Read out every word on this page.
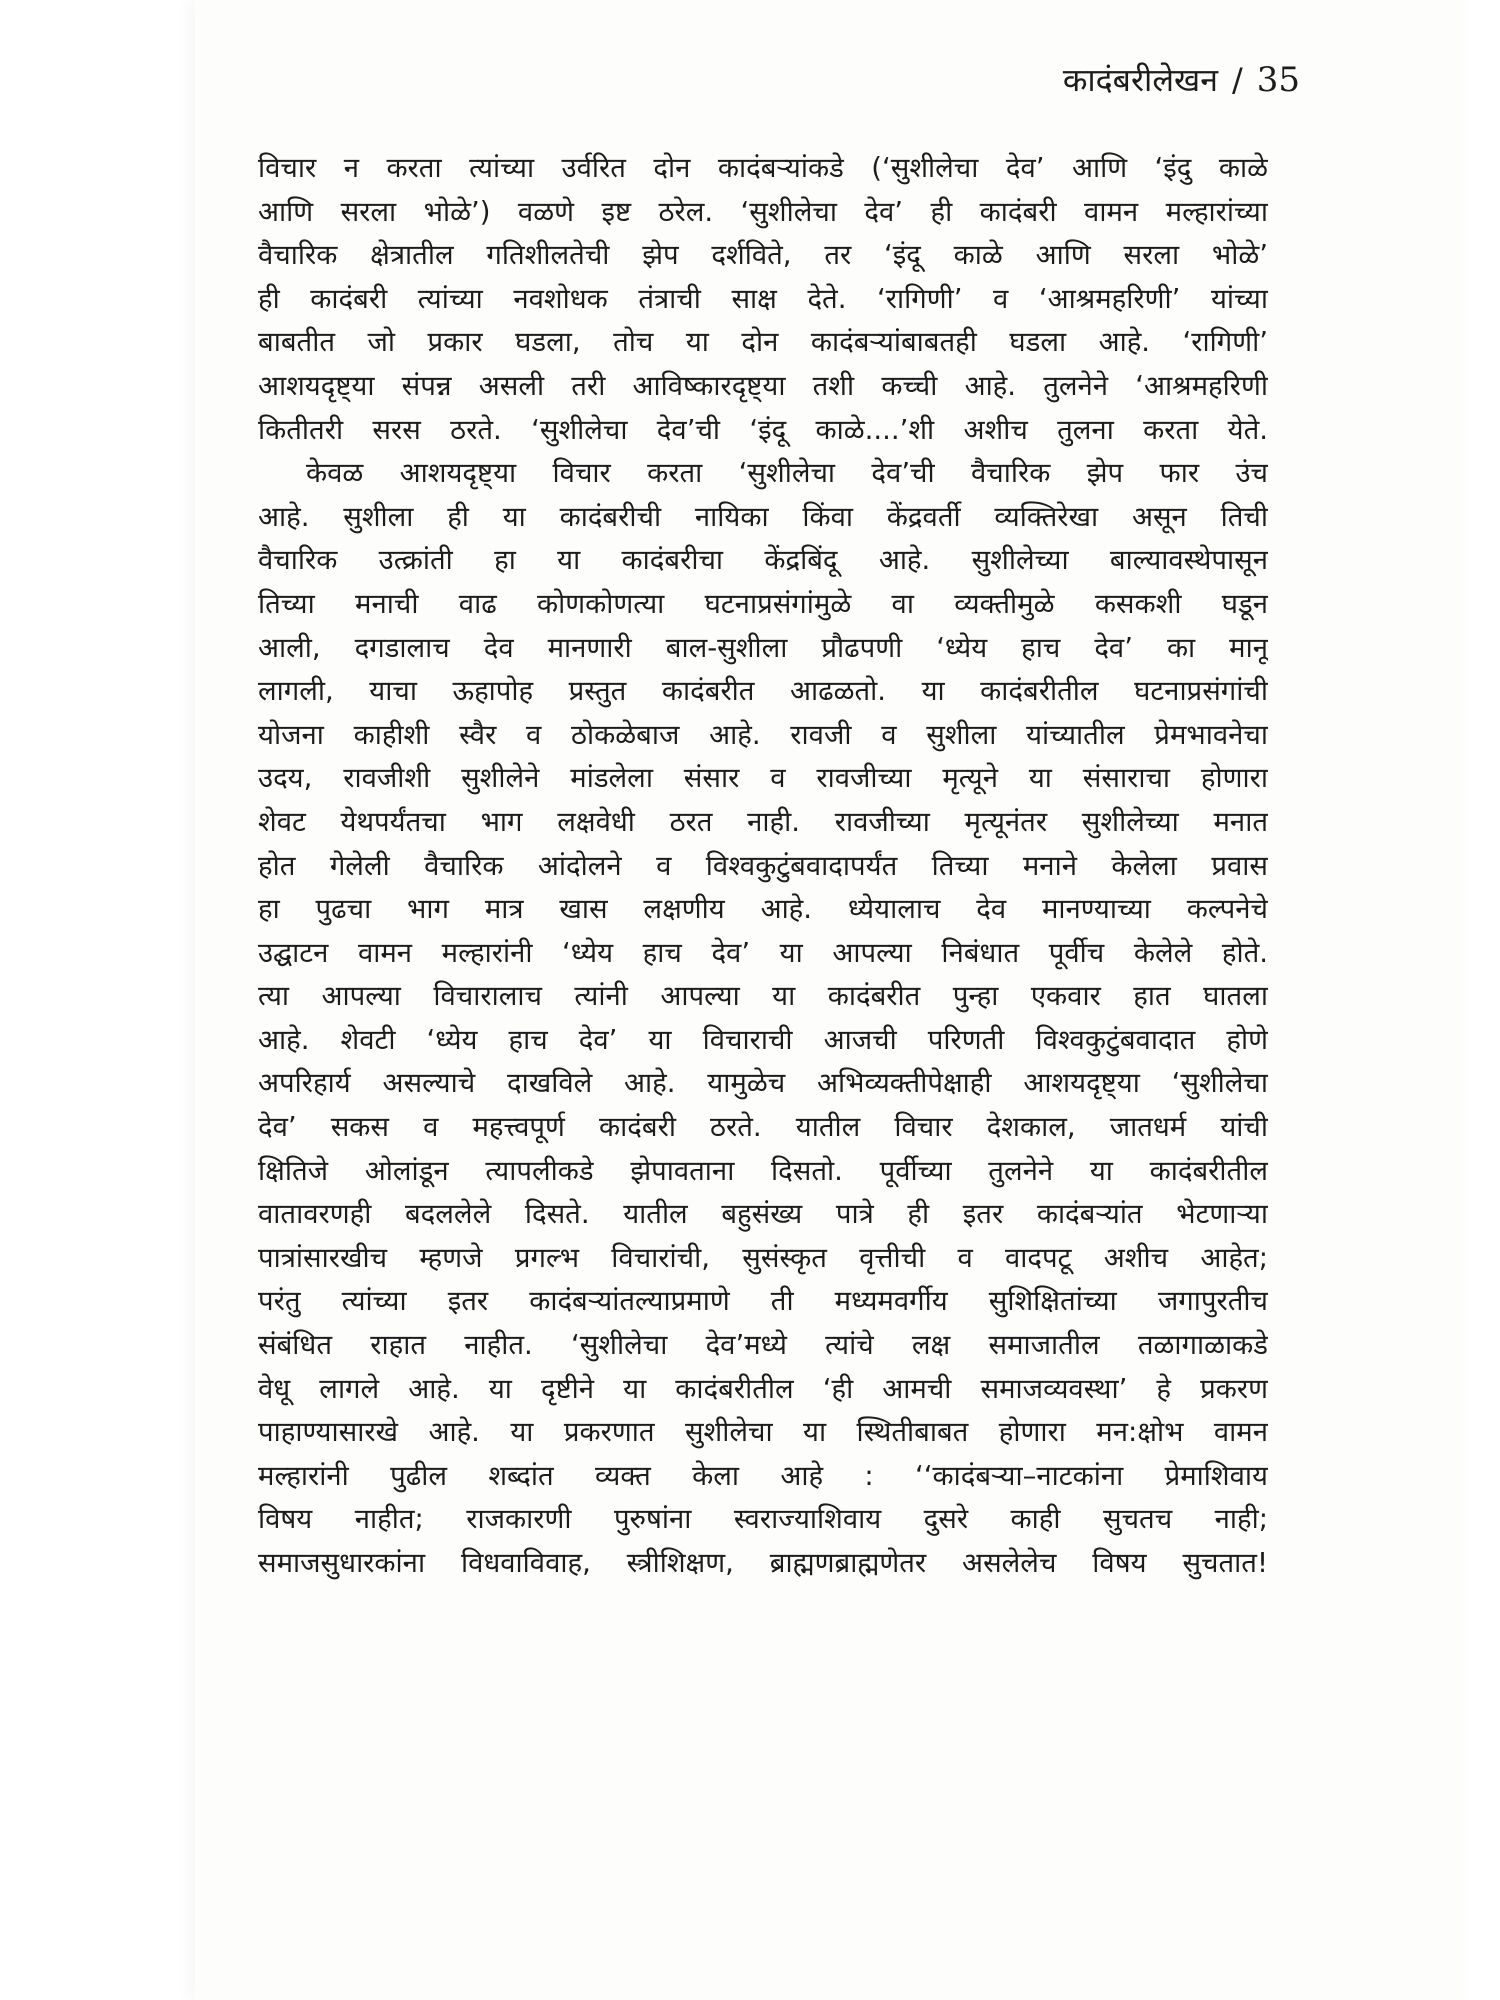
कादंबरीलेखन / 35
विचार न करता त्यांच्या उर्वरित दोन कादंबऱ्यांकडे (‘सुशीलेचा देव’ आणि ‘इंदु काळे
आणि सरला भोळे’) वळणे इष्ट ठरेल. ‘सुशीलेचा देव’ ही कादंबरी वामन मल्हारांच्या
वैचारिक क्षेत्रातील गतिशीलतेची झेप दर्शविते, तर ‘इंदू काळे आणि सरला भोळे’
ही कादंबरी त्यांच्या नवशोधक तंत्राची साक्ष देते. ‘रागिणी’ व ‘आश्रमहरिणी’ यांच्या
बाबतीत जो प्रकार घडला, तोच या दोन कादंबऱ्यांबाबतही घडला आहे. ‘रागिणी’
आशयदृष्ट्या संपन्न असली तरी आविष्कारदृष्ट्या तशी कच्ची आहे. तुलनेने ‘आश्रमहरिणी
कितीतरी सरस ठरते. ‘सुशीलेचा देव’ची ‘इंदू काळे....’शी अशीच तुलना करता येते.
केवळ आशयदृष्ट्या विचार करता ‘सुशीलेचा देव’ची वैचारिक झेप फार उंच
आहे. सुशीला ही या कादंबरीची नायिका किंवा केंद्रवर्ती व्यक्तिरेखा असून तिची
वैचारिक उत्क्रांती हा या कादंबरीचा केंद्रबिंदू आहे. सुशीलेच्या बाल्यावस्थेपासून
तिच्या मनाची वाढ कोणकोणत्या घटनाप्रसंगांमुळे वा व्यक्तीमुळे कसकशी घडून
आली, दगडालाच देव मानणारी बाल-सुशीला प्रौढपणी ‘ध्येय हाच देव’ का मानू
लागली, याचा ऊहापोह प्रस्तुत कादंबरीत आढळतो. या कादंबरीतील घटनाप्रसंगांची
योजना काहीशी स्वैर व ठोकळेबाज आहे. रावजी व सुशीला यांच्यातील प्रेमभावनेचा
उदय, रावजीशी सुशीलेने मांडलेला संसार व रावजीच्या मृत्यूने या संसाराचा होणारा
शेवट येथपर्यंतचा भाग लक्षवेधी ठरत नाही. रावजीच्या मृत्यूनंतर सुशीलेच्या मनात
होत गेलेली वैचारिक आंदोलने व विश्वकुटुंबवादापर्यंत तिच्या मनाने केलेला प्रवास
हा पुढचा भाग मात्र खास लक्षणीय आहे. ध्येयालाच देव मानण्याच्या कल्पनेचे
उद्घाटन वामन मल्हारांनी ‘ध्येय हाच देव’ या आपल्या निबंधात पूर्वीच केलेले होते.
त्या आपल्या विचारालाच त्यांनी आपल्या या कादंबरीत पुन्हा एकवार हात घातला
आहे. शेवटी ‘ध्येय हाच देव’ या विचाराची आजची परिणती विश्वकुटुंबवादात होणे
अपरिहार्य असल्याचे दाखविले आहे. यामुळेच अभिव्यक्तीपेक्षाही आशयदृष्ट्या ‘सुशीलेचा
देव’ सकस व महत्त्वपूर्ण कादंबरी ठरते. यातील विचार देशकाल, जातधर्म यांची
क्षितिजे ओलांडून त्यापलीकडे झेपावताना दिसतो. पूर्वीच्या तुलनेने या कादंबरीतील
वातावरणही बदललेले दिसते. यातील बहुसंख्य पात्रे ही इतर कादंबऱ्यांत भेटणाऱ्या
पात्रांसारखीच म्हणजे प्रगल्भ विचारांची, सुसंस्कृत वृत्तीची व वादपटू अशीच आहेत;
परंतु त्यांच्या इतर कादंबऱ्यांतल्याप्रमाणे ती मध्यमवर्गीय सुशिक्षितांच्या जगापुरतीच
संबंधित राहात नाहीत. ‘सुशीलेचा देव’मध्ये त्यांचे लक्ष समाजातील तळागाळाकडे
वेधू लागले आहे. या दृष्टीने या कादंबरीतील ‘ही आमची समाजव्यवस्था’ हे प्रकरण
पाहाण्यासारखे आहे. या प्रकरणात सुशीलेचा या स्थितीबाबत होणारा मन:क्षोभ वामन
मल्हारांनी पुढील शब्दांत व्यक्त केला आहे : ‘‘कादंबऱ्या–नाटकांना प्रेमाशिवाय
विषय नाहीत; राजकारणी पुरुषांना स्वराज्याशिवाय दुसरे काही सुचतच नाही;
समाजसुधारकांना विधवाविवाह, स्त्रीशिक्षण, ब्राह्मणब्राह्मणेतर असलेलेच विषय सुचतात!
